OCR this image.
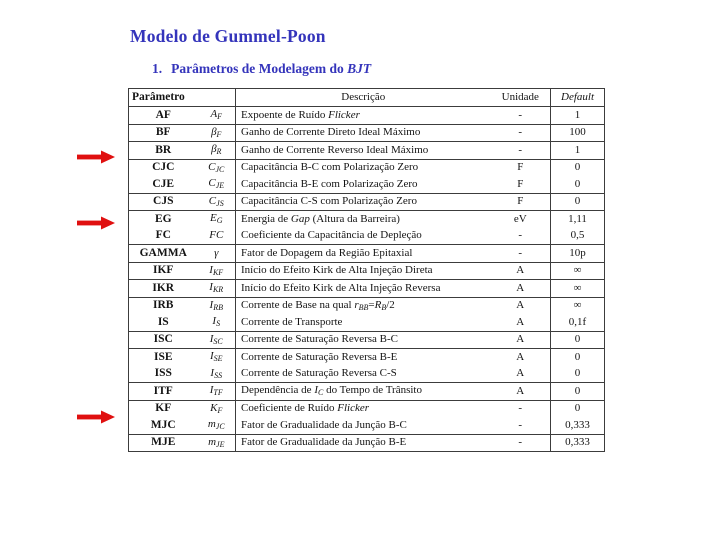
Modelo de Gummel-Poon
1. Parâmetros de Modelagem do BJT
Parâmetro		Descrição	Unidade	Default
AF	AF	Expoente de Ruído Flicker	-	1
BF	βF	Ganho de Corrente Direto Ideal Máximo	-	100
BR	βR	Ganho de Corrente Reverso Ideal Máximo	-	1
CJC	CJC	Capacitância B-C com Polarização Zero	F	0
CJE	CJE	Capacitância B-E com Polarização Zero	F	0
CJS	CJS	Capacitância C-S com Polarização Zero	F	0
EG	EG	Energia de Gap (Altura da Barreira)	eV	1,11
FC	FC	Coeficiente da Capacitância de Depleção	-	0,5
GAMMA	γ	Fator de Dopagem da Região Epitaxial	-	10p
IKF	IKF	Início do Efeito Kirk de Alta Injeção Direta	A	∞
IKR	IKR	Início do Efeito Kirk de Alta Injeção Reversa	A	∞
IRB	IRB	Corrente de Base na qual rBB=RB/2	A	∞
IS	IS	Corrente de Transporte	A	0,1f
ISC	ISC	Corrente de Saturação Reversa B-C	A	0
ISE	ISE	Corrente de Saturação Reversa B-E	A	0
ISS	ISS	Corrente de Saturação Reversa C-S	A	0
ITF	ITF	Dependência de IC do Tempo de Trânsito	A	0
KF	KF	Coeficiente de Ruído Flicker	-	0
MJC	mJC	Fator de Gradualidade da Junção B-C	-	0,333
MJE	mJE	Fator de Gradualidade da Junção B-E	-	0,333
